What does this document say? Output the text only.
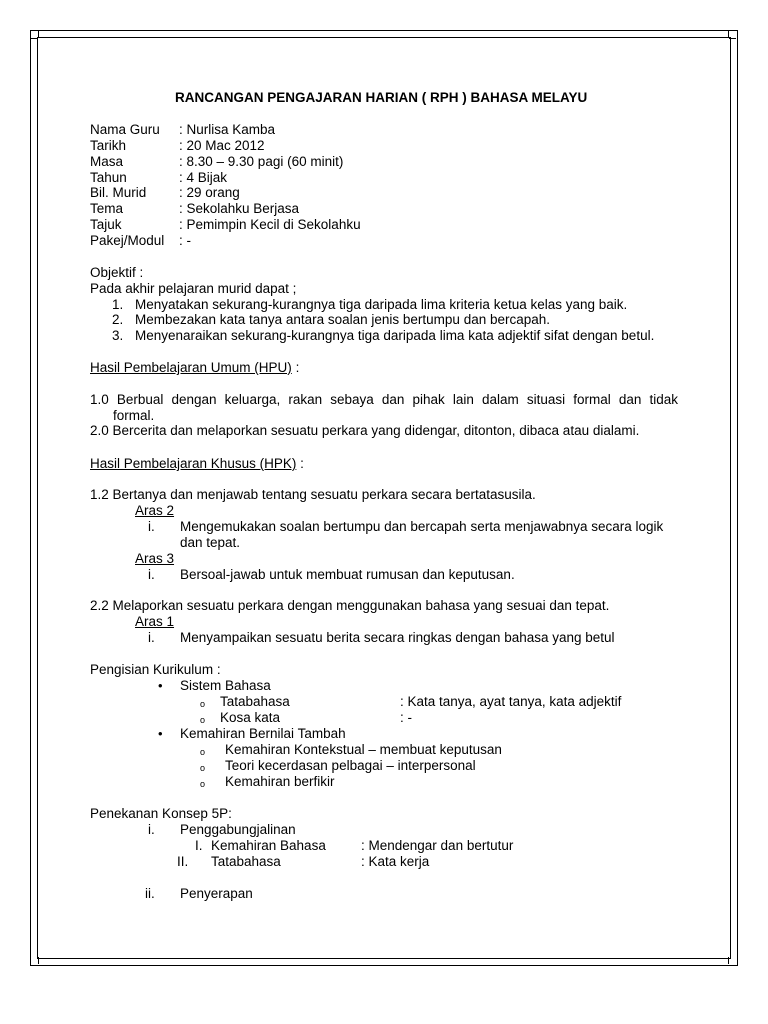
RANCANGAN PENGAJARAN HARIAN ( RPH ) BAHASA MELAYU
Nama Guru : Nurlisa Kamba
Tarikh	: 20 Mac 2012
Masa	: 8.30 – 9.30 pagi (60 minit)
Tahun	: 4 Bijak
Bil. Murid : 29 orang
Tema	: Sekolahku Berjasa
Tajuk	: Pemimpin Kecil di Sekolahku
Pakej/Modul : -
Objektif :
Pada akhir pelajaran murid dapat ;
1. Menyatakan sekurang-kurangnya tiga daripada lima kriteria ketua kelas yang baik.
2. Membezakan kata tanya antara soalan jenis bertumpu dan bercapah.
3. Menyenaraikan sekurang-kurangnya tiga daripada lima kata adjektif sifat dengan betul.
Hasil Pembelajaran Umum (HPU) :
1.0 Berbual dengan keluarga, rakan sebaya dan pihak lain dalam situasi formal dan tidak
formal.
2.0 Bercerita dan melaporkan sesuatu perkara yang didengar, ditonton, dibaca atau dialami.
Hasil Pembelajaran Khusus (HPK) :
1.2 Bertanya dan menjawab tentang sesuatu perkara secara bertatasusila.
Aras 2
i. Mengemukakan soalan bertumpu dan bercapah serta menjawabnya secara logik
dan tepat.
Aras 3
i. Bersoal-jawab untuk membuat rumusan dan keputusan.
2.2 Melaporkan sesuatu perkara dengan menggunakan bahasa yang sesuai dan tepat.
Aras 1
i. Menyampaikan sesuatu berita secara ringkas dengan bahasa yang betul
Pengisian Kurikulum :
• Sistem Bahasa
o Tatabahasa	: Kata tanya, ayat tanya, kata adjektif
o Kosa kata	: -
• Kemahiran Bernilai Tambah
o Kemahiran Kontekstual – membuat keputusan
o Teori kecerdasan pelbagai – interpersonal
o Kemahiran berfikir
Penekanan Konsep 5P:
i. Penggabungjalinan
I. Kemahiran Bahasa	: Mendengar dan bertutur
II. Tatabahasa	: Kata kerja
ii. Penyerapan
